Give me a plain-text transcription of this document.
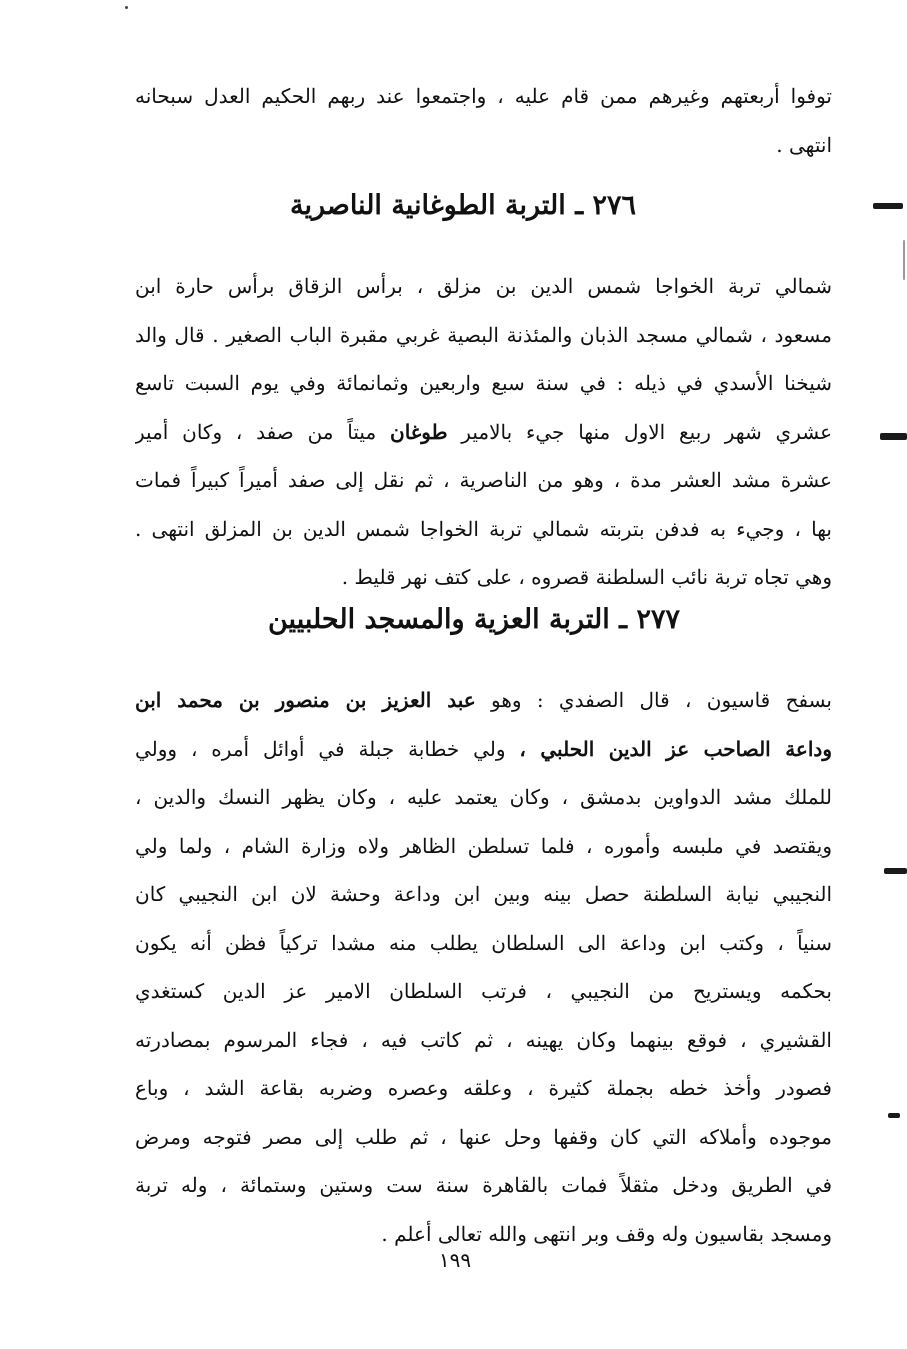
توفوا أربعتهم وغيرهم ممن قام عليه ، واجتمعوا عند ربهم الحكيم العدل سبحانه
انتهى .
٢٧٦ ـ التربة الطوغانية الناصرية
شمالي تربة الخواجا شمس الدين بن مزلق ، برأس الزقاق برأس حارة ابن
مسعود ، شمالي مسجد الذبان والمئذنة البصية غربي مقبرة الباب الصغير . قال والد
شيخنا الأسدي في ذيله : في سنة سبع واربعين وثمانمائة وفي يوم السبت تاسع
عشري شهر ربيع الاول منها جيء بالامير طوغان ميتاً من صفد ، وكان أمير
عشرة مشد العشر مدة ، وهو من الناصرية ، ثم نقل إلى صفد أميراً كبيراً فمات
بها ، وجيء به فدفن بتربته شمالي تربة الخواجا شمس الدين بن المزلق انتهى .
وهي تجاه تربة نائب السلطنة قصروه ، على كتف نهر قليط .
٢٧٧ ـ التربة العزية والمسجد الحلبيين
بسفح قاسيون ، قال الصفدي : وهو عبد العزيز بن منصور بن محمد ابن
وداعة الصاحب عز الدين الحلبي ، ولي خطابة جبلة في أوائل أمره ، وولي
للملك مشد الدواوين بدمشق ، وكان يعتمد عليه ، وكان يظهر النسك والدين ،
ويقتصد في ملبسه وأموره ، فلما تسلطن الظاهر ولاه وزارة الشام ، ولما ولي
النجيبي نيابة السلطنة حصل بينه وبين ابن وداعة وحشة لان ابن النجيبي كان
سنياً ، وكتب ابن وداعة الى السلطان يطلب منه مشدا تركياً فظن أنه يكون
بحكمه ويستريح من النجيبي ، فرتب السلطان الامير عز الدين كستغدي
القشيري ، فوقع بينهما وكان يهينه ، ثم كاتب فيه ، فجاء المرسوم بمصادرته
فصودر وأخذ خطه بجملة كثيرة ، وعلقه وعصره وضربه بقاعة الشد ، وباع
موجوده وأملاكه التي كان وقفها وحل عنها ، ثم طلب إلى مصر فتوجه ومرض
في الطريق ودخل مثقلاً فمات بالقاهرة سنة ست وستين وستمائة ، وله تربة
ومسجد بقاسيون وله وقف وبر انتهى والله تعالى أعلم .
١٩٩
